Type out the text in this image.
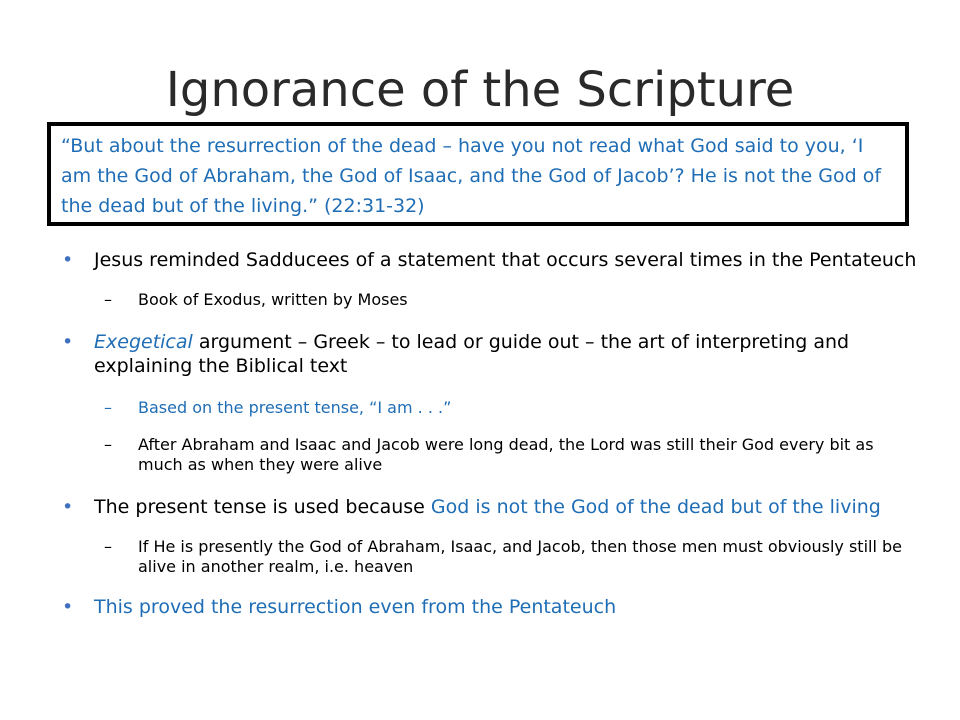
Ignorance of the Scripture
“But about the resurrection of the dead – have you not read what God said to you, ‘I am the God of Abraham, the God of Isaac, and the God of Jacob’? He is not the God of the dead but of the living.” (22:31-32)
• Jesus reminded Sadducees of a statement that occurs several times in the Pentateuch
– Book of Exodus, written by Moses
• Exegetical argument – Greek – to lead or guide out – the art of interpreting and explaining the Biblical text
– Based on the present tense, “I am . . .”
– After Abraham and Isaac and Jacob were long dead, the Lord was still their God every bit as much as when they were alive
• The present tense is used because God is not the God of the dead but of the living
– If He is presently the God of Abraham, Isaac, and Jacob, then those men must obviously still be alive in another realm, i.e. heaven
• This proved the resurrection even from the Pentateuch
